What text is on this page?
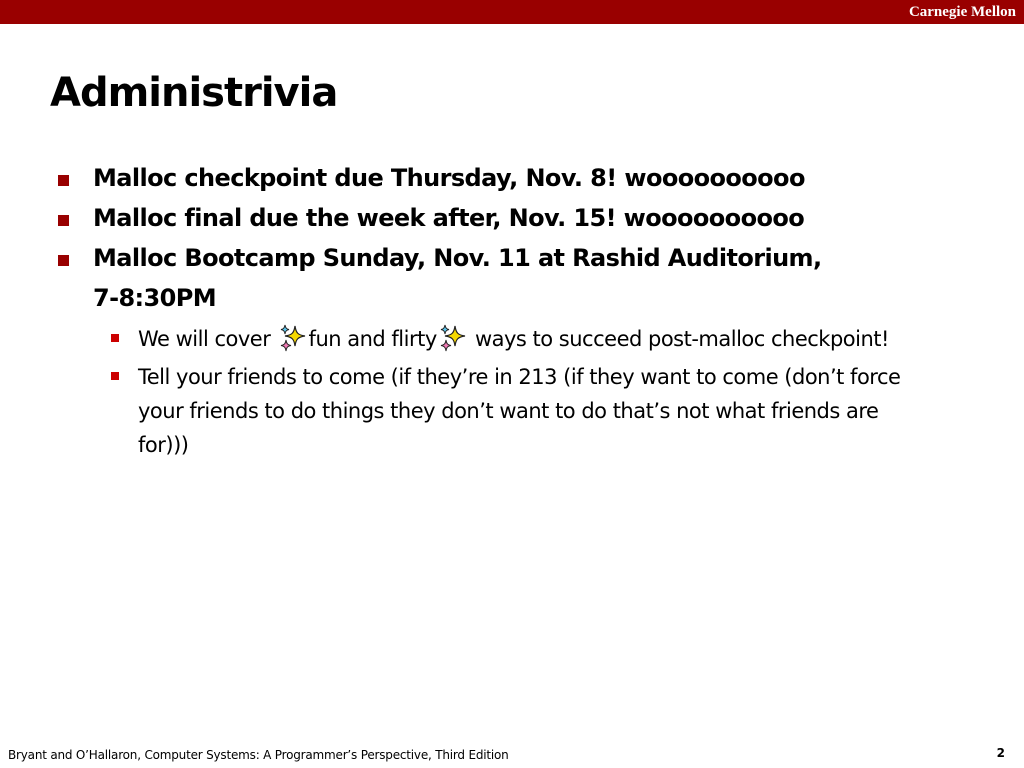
Carnegie Mellon
Administrivia

Malloc checkpoint due Thursday, Nov. 8! woooooooooo

Malloc final due the week after, Nov. 15! woooooooooo

Malloc Bootcamp Sunday, Nov. 11 at Rashid Auditorium,
7-8:30PM

We will cover fun and flirty ways to succeed post-malloc checkpoint!
Tell your friends to come (if they’re in 213 (if they want to come (don’t force your friends to do things they don’t want to do that’s not what friends are for)))
Bryant and O’Hallaron, Computer Systems: A Programmer’s Perspective, Third Edition	2
